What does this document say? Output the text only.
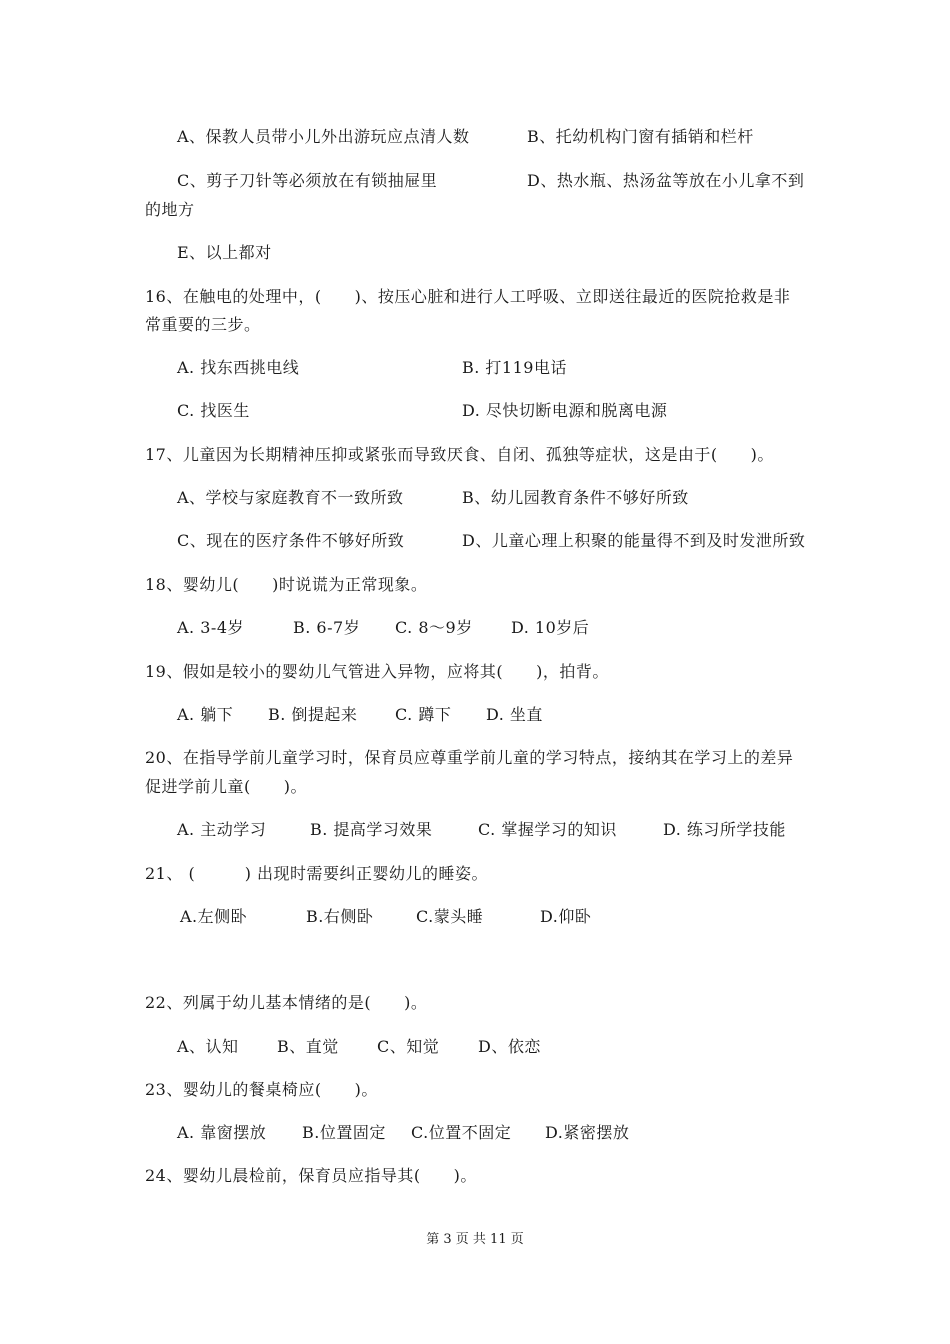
A、保教人员带小儿外出游玩应点清人数	B、托幼机构门窗有插销和栏杆
C、剪子刀针等必须放在有锁抽屉里	D、热水瓶、热汤盆等放在小儿拿不到
的地方
E、以上都对
16、在触电的处理中，(　　)、按压心脏和进行人工呼吸、立即送往最近的医院抢救是非
常重要的三步。
A. 找东西挑电线	B. 打119电话
C. 找医生	D. 尽快切断电源和脱离电源
17、儿童因为长期精神压抑或紧张而导致厌食、自闭、孤独等症状，这是由于(　　)。
A、学校与家庭教育不一致所致	B、幼儿园教育条件不够好所致
C、现在的医疗条件不够好所致	D、儿童心理上积聚的能量得不到及时发泄所致
18、婴幼儿(　　)时说谎为正常现象。
A. 3-4岁	B. 6-7岁 C. 8～9岁 D. 10岁后
19、假如是较小的婴幼儿气管进入异物，应将其(　　)，拍背。
A. 躺下 B. 倒提起来 C. 蹲下 D. 坐直
20、在指导学前儿童学习时，保育员应尊重学前儿童的学习特点，接纳其在学习上的差异
促进学前儿童(　　)。
A. 主动学习	B. 提高学习效果	C. 掌握学习的知识	D. 练习所学技能
21、 (　　　) 出现时需要纠正婴幼儿的睡姿。
A.左侧卧	B.右侧卧	C.蒙头睡	D.仰卧
22、列属于幼儿基本情绪的是(　　)。
A、认知 B、直觉 C、知觉 D、依恋
23、婴幼儿的餐桌椅应(　　)。
A. 靠窗摆放 B.位置固定 C.位置不固定 D.紧密摆放
24、婴幼儿晨检前，保育员应指导其(　　)。
第 3 页 共 11 页
